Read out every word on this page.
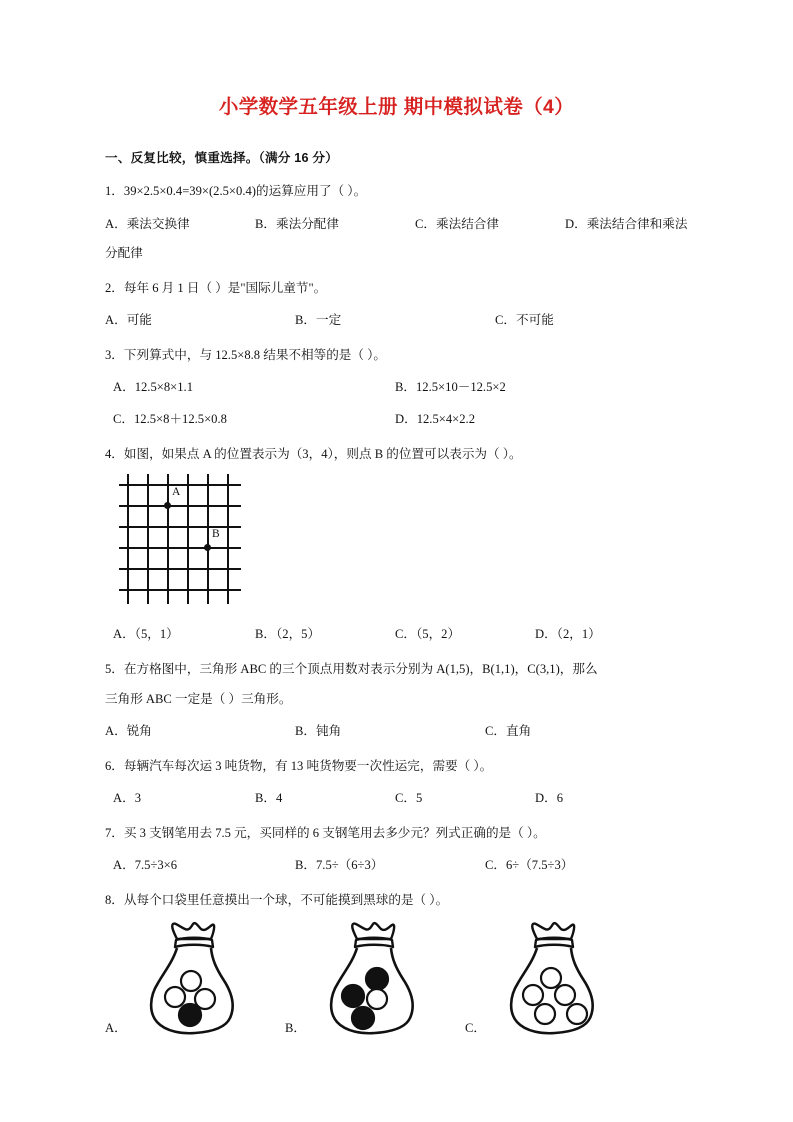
小学数学五年级上册 期中模拟试卷（4）
一、反复比较，慎重选择。（满分 16 分）
1．39×2.5×0.4=39×(2.5×0.4)的运算应用了（ ）。
A．乘法交换律	B．乘法分配律	C．乘法结合律	D．乘法结合律和乘法
分配律
2．每年 6 月 1 日（ ）是"国际儿童节"。
A．可能	B．一定	C．不可能
3．下列算式中，与 12.5×8.8 结果不相等的是（ ）。
A．12.5×8×1.1	B．12.5×10－12.5×2
C．12.5×8＋12.5×0.8	D．12.5×4×2.2
4．如图，如果点 A 的位置表示为（3，4），则点 B 的位置可以表示为（ ）。
A
B
A．（5，1）	B．（2，5）	C．（5，2）	D．（2，1）
5．在方格图中，三角形 ABC 的三个顶点用数对表示分别为 A(1,5)，B(1,1)，C(3,1)，那么
三角形 ABC 一定是（ ）三角形。
A．锐角	B．钝角	C．直角
6．每辆汽车每次运 3 吨货物，有 13 吨货物要一次性运完，需要（ ）。
A．3	B．4	C．5	D．6
7．买 3 支钢笔用去 7.5 元，买同样的 6 支钢笔用去多少元？列式正确的是（ ）。
A．7.5÷3×6	B．7.5÷（6÷3）	C．6÷（7.5÷3）
8．从每个口袋里任意摸出一个球，不可能摸到黑球的是（ ）。
A．	B．	C．
